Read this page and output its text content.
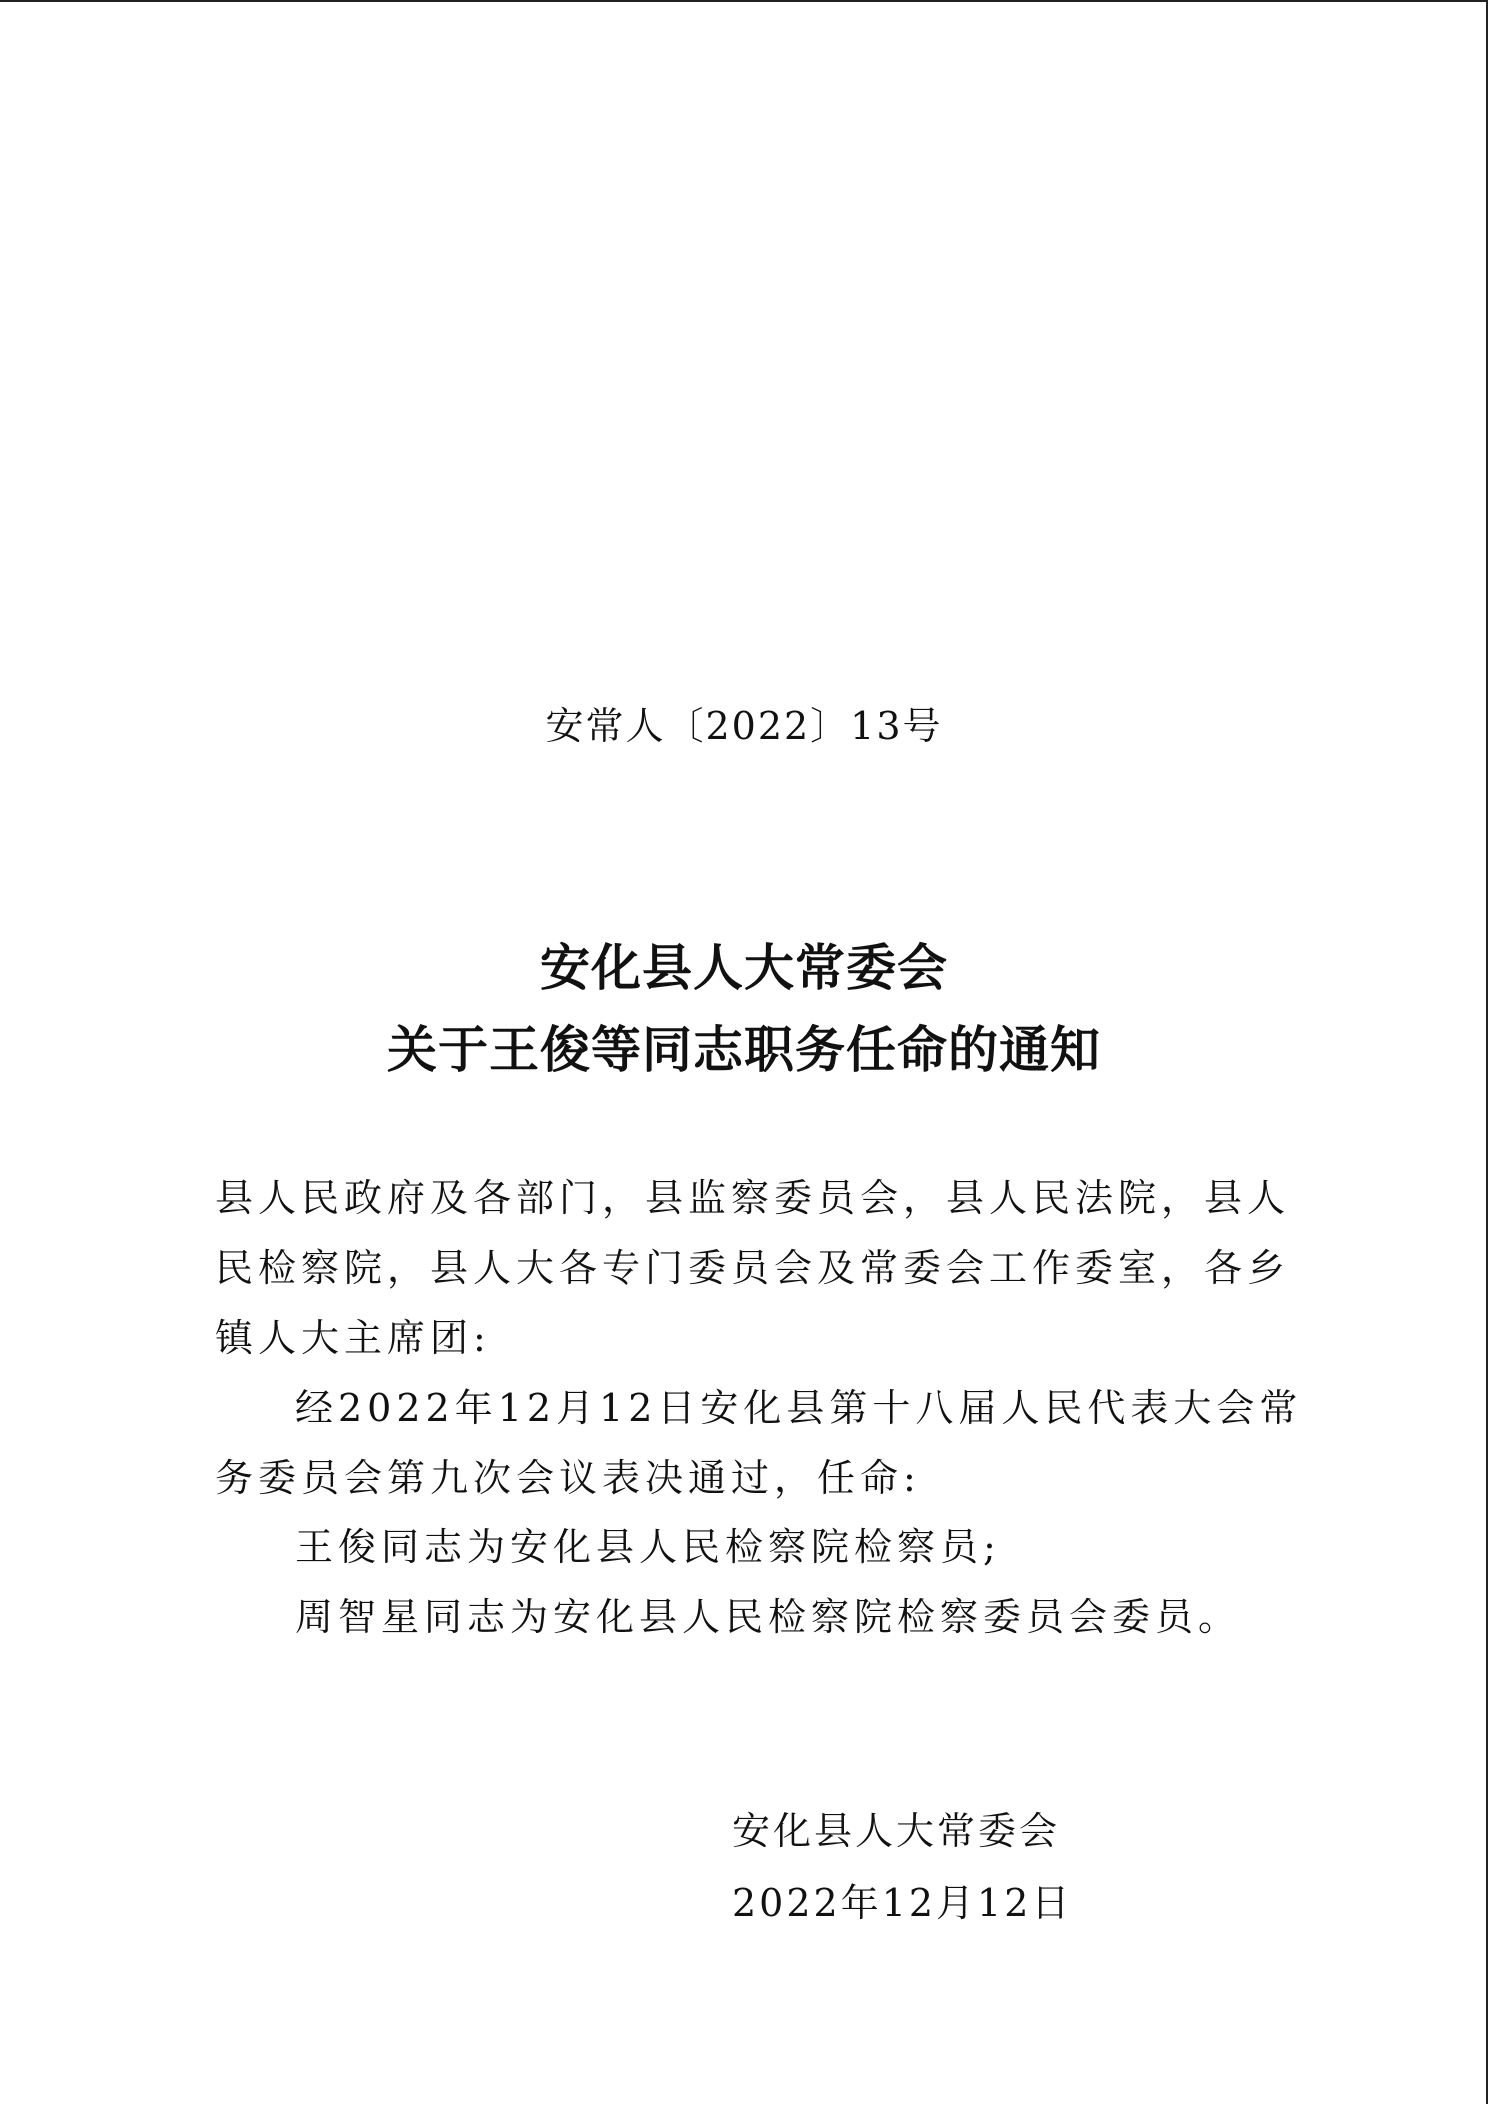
安常人〔2022〕13号
安化县人大常委会
关于王俊等同志职务任命的通知
县人民政府及各部门，县监察委员会，县人民法院，县人民检察院，县人大各专门委员会及常委会工作委室，各乡镇人大主席团:
经2022年12月12日安化县第十八届人民代表大会常务委员会第九次会议表决通过，任命:
王俊同志为安化县人民检察院检察员;
周智星同志为安化县人民检察院检察委员会委员。
安化县人大常委会
2022年12月12日
